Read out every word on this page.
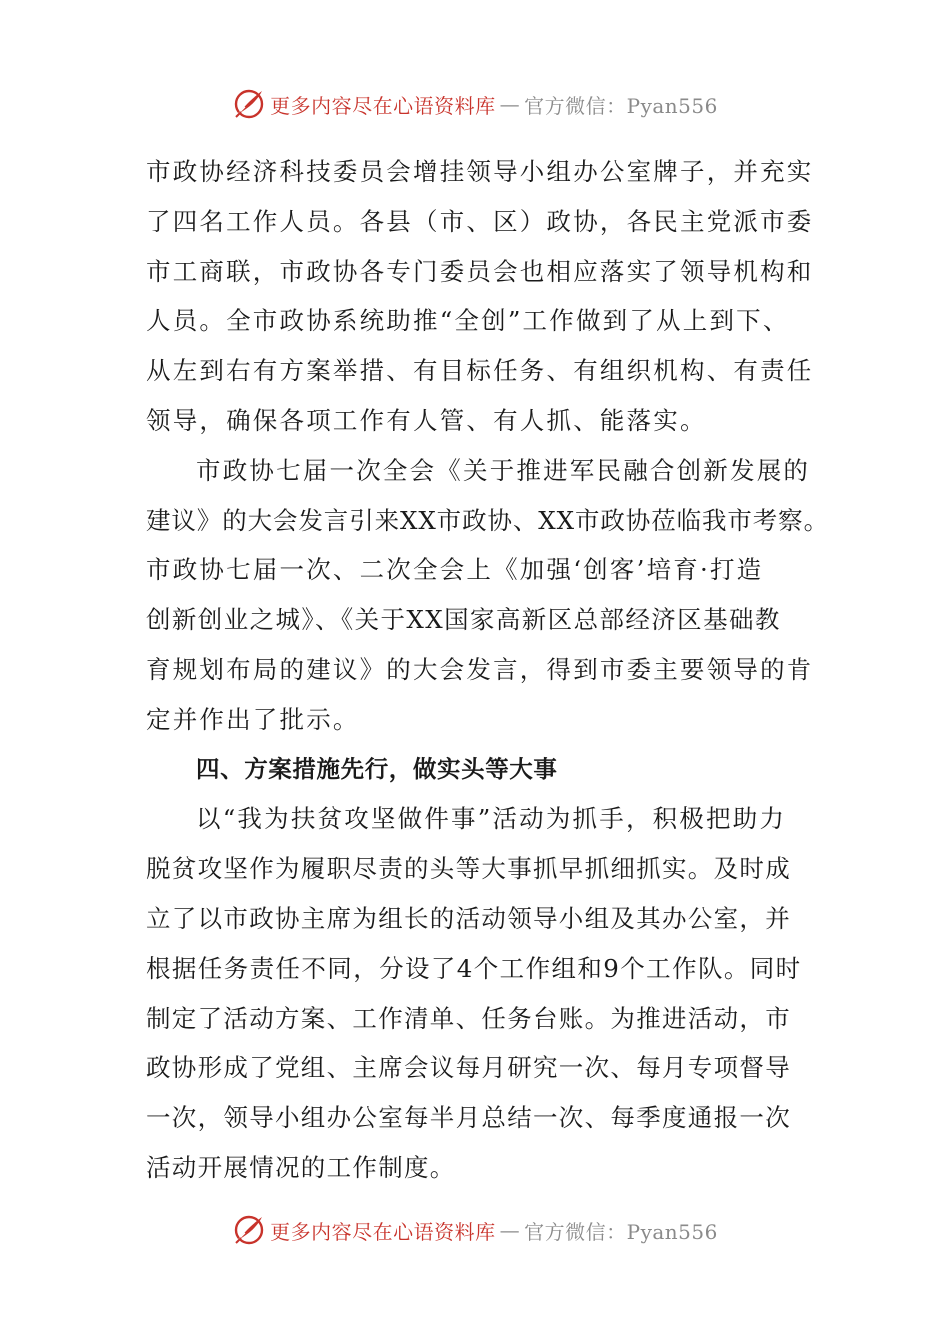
更多内容尽在心语资料库 — 官方微信：Pyan556
市政协经济科技委员会增挂领导小组办公室牌子，并充实
了四名工作人员。各县（市、区）政协，各民主党派市委
市工商联，市政协各专门委员会也相应落实了领导机构和
人员。全市政协系统助推“全创”工作做到了从上到下、
从左到右有方案举措、有目标任务、有组织机构、有责任
领导，确保各项工作有人管、有人抓、能落实。
市政协七届一次全会《关于推进军民融合创新发展的
建议》的大会发言引来XX市政协、XX市政协莅临我市考察。
市政协七届一次、二次全会上《加强‘创客’培育·打造
创新创业之城》、《关于XX国家高新区总部经济区基础教
育规划布局的建议》的大会发言，得到市委主要领导的肯
定并作出了批示。
四、方案措施先行，做实头等大事
以“我为扶贫攻坚做件事”活动为抓手，积极把助力
脱贫攻坚作为履职尽责的头等大事抓早抓细抓实。及时成
立了以市政协主席为组长的活动领导小组及其办公室，并
根据任务责任不同，分设了4个工作组和9个工作队。同时
制定了活动方案、工作清单、任务台账。为推进活动，市
政协形成了党组、主席会议每月研究一次、每月专项督导
一次，领导小组办公室每半月总结一次、每季度通报一次
活动开展情况的工作制度。
更多内容尽在心语资料库 — 官方微信：Pyan556
